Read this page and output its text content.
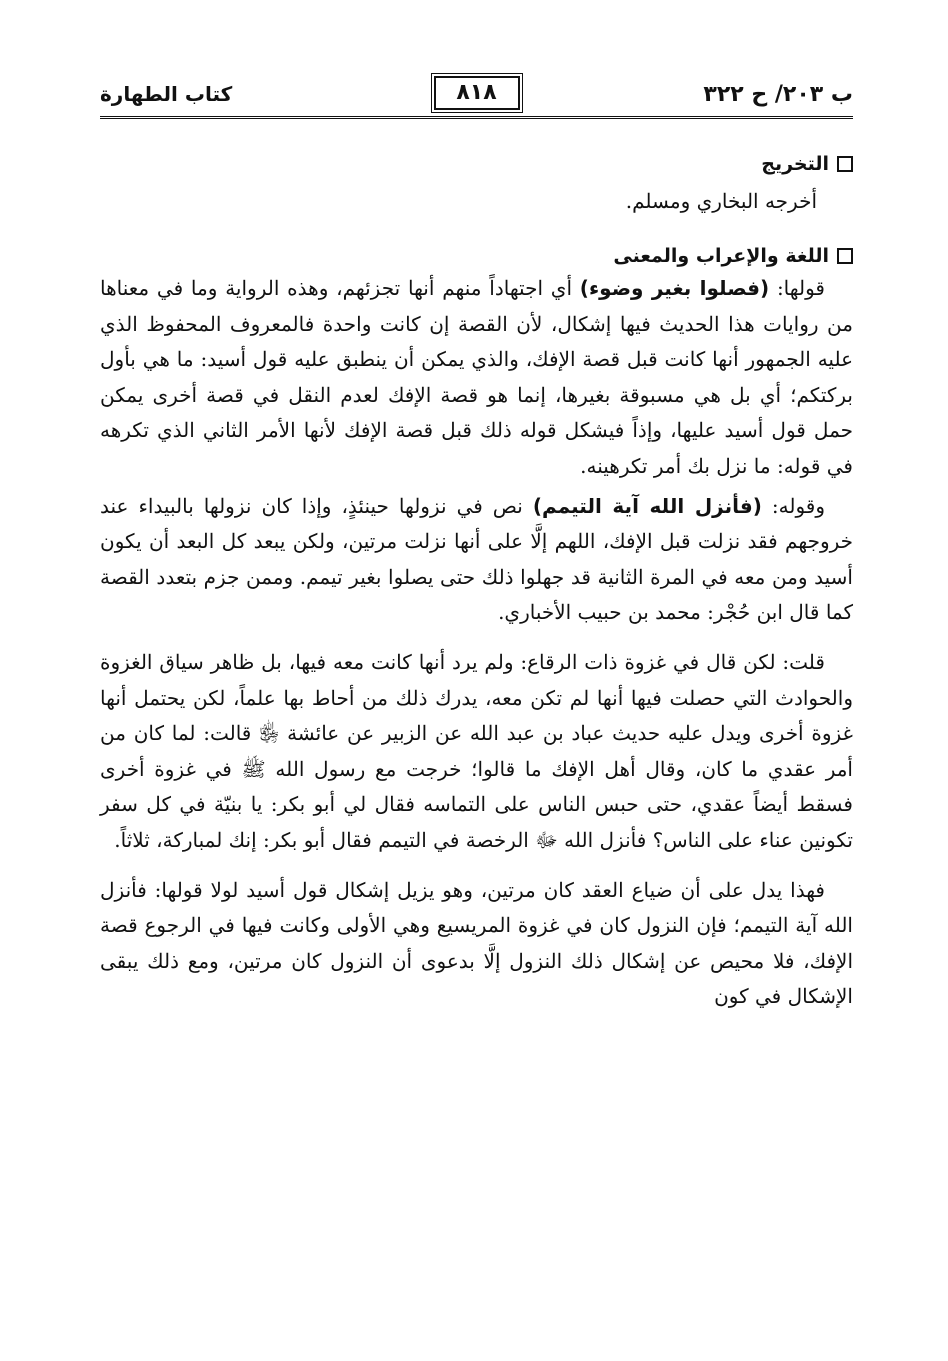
ب ٢٠٣/ ح ٣٢٢
٨١٨
كتاب الطهارة
التخريج

أخرجه البخاري ومسلم.

اللغة والإعراب والمعنى

قولها: (فصلوا بغير وضوء) أي اجتهاداً منهم أنها تجزئهم، وهذه الرواية وما في معناها من روايات هذا الحديث فيها إشكال، لأن القصة إن كانت واحدة فالمعروف المحفوظ الذي عليه الجمهور أنها كانت قبل قصة الإفك، والذي يمكن أن ينطبق عليه قول أسيد: ما هي بأول بركتكم؛ أي بل هي مسبوقة بغيرها، إنما هو قصة الإفك لعدم النقل في قصة أخرى يمكن حمل قول أسيد عليها، وإذاً فيشكل قوله ذلك قبل قصة الإفك لأنها الأمر الثاني الذي تكرهه في قوله: ما نزل بك أمر تكرهينه.

وقوله: (فأنزل الله آية التيمم) نص في نزولها حينئذٍ، وإذا كان نزولها بالبيداء عند خروجهم فقد نزلت قبل الإفك، اللهم إلَّا على أنها نزلت مرتين، ولكن يبعد كل البعد أن يكون أسيد ومن معه في المرة الثانية قد جهلوا ذلك حتى يصلوا بغير تيمم. وممن جزم بتعدد القصة كما قال ابن حُجْر: محمد بن حبيب الأخباري.

قلت: لكن قال في غزوة ذات الرقاع: ولم يرد أنها كانت معه فيها، بل ظاهر سياق الغزوة والحوادث التي حصلت فيها أنها لم تكن معه، يدرك ذلك من أحاط بها علماً، لكن يحتمل أنها غزوة أخرى ويدل عليه حديث عباد بن عبد الله عن الزبير عن عائشة ﵂ قالت: لما كان من أمر عقدي ما كان، وقال أهل الإفك ما قالوا؛ خرجت مع رسول الله ﷺ في غزوة أخرى فسقط أيضاً عقدي، حتى حبس الناس على التماسه فقال لي أبو بكر: يا بنيّة في كل سفر تكونين عناء على الناس؟ فأنزل الله ﷻ الرخصة في التيمم فقال أبو بكر: إنك لمباركة، ثلاثاً.

فهذا يدل على أن ضياع العقد كان مرتين، وهو يزيل إشكال قول أسيد لولا قولها: فأنزل الله آية التيمم؛ فإن النزول كان في غزوة المريسيع وهي الأولى وكانت فيها في الرجوع قصة الإفك، فلا محيص عن إشكال ذلك النزول إلَّا بدعوى أن النزول كان مرتين، ومع ذلك يبقى الإشكال في كون
